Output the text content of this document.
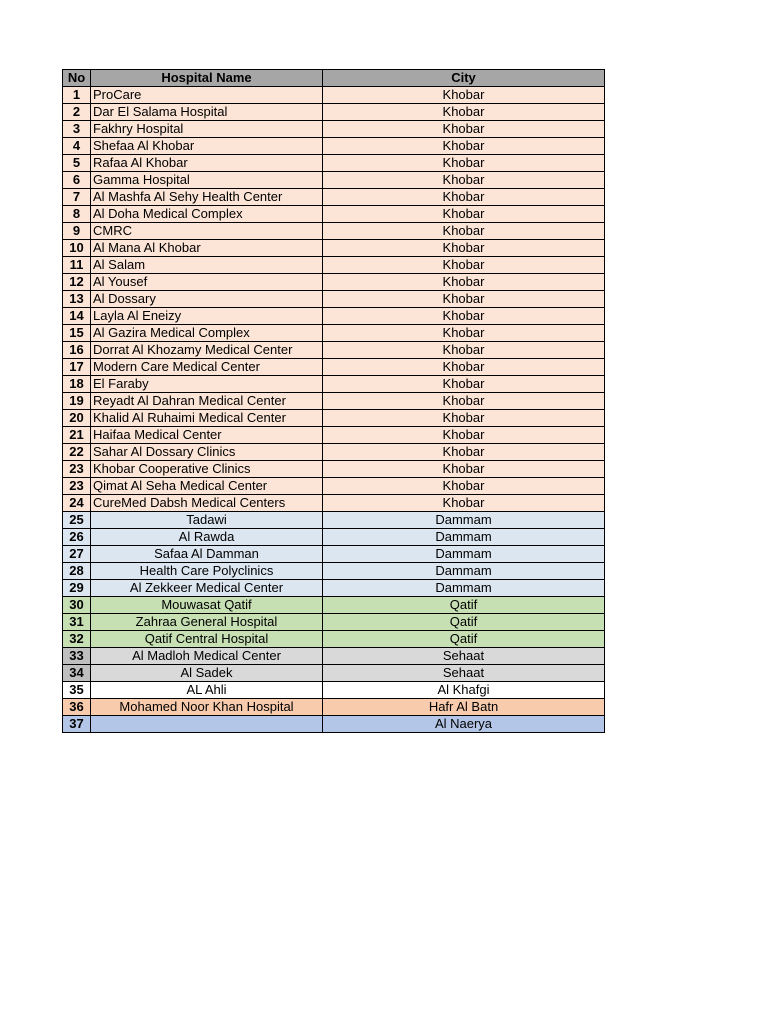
No	Hospital Name	City
1	ProCare	Khobar
2	Dar El Salama Hospital	Khobar
3	Fakhry Hospital	Khobar
4	Shefaa Al Khobar	Khobar
5	Rafaa Al Khobar	Khobar
6	Gamma Hospital	Khobar
7	Al Mashfa Al Sehy Health Center	Khobar
8	Al Doha Medical Complex	Khobar
9	CMRC	Khobar
10	Al Mana Al Khobar	Khobar
11	Al Salam	Khobar
12	Al Yousef	Khobar
13	Al Dossary	Khobar
14	Layla Al Eneizy	Khobar
15	Al Gazira Medical Complex	Khobar
16	Dorrat Al Khozamy Medical Center	Khobar
17	Modern Care Medical Center	Khobar
18	El Faraby	Khobar
19	Reyadt Al Dahran Medical Center	Khobar
20	Khalid Al Ruhaimi Medical Center	Khobar
21	Haifaa Medical Center	Khobar
22	Sahar Al Dossary Clinics	Khobar
23	Khobar Cooperative Clinics	Khobar
23	Qimat Al Seha Medical Center	Khobar
24	CureMed Dabsh Medical Centers	Khobar
25	Tadawi	Dammam
26	Al Rawda	Dammam
27	Safaa Al Damman	Dammam
28	Health Care Polyclinics	Dammam
29	Al Zekkeer Medical Center	Dammam
30	Mouwasat Qatif	Qatif
31	Zahraa General Hospital	Qatif
32	Qatif Central Hospital	Qatif
33	Al Madloh Medical Center	Sehaat
34	Al Sadek	Sehaat
35	AL Ahli	Al Khafgi
36	Mohamed Noor Khan Hospital	Hafr Al Batn
37		Al Naerya
